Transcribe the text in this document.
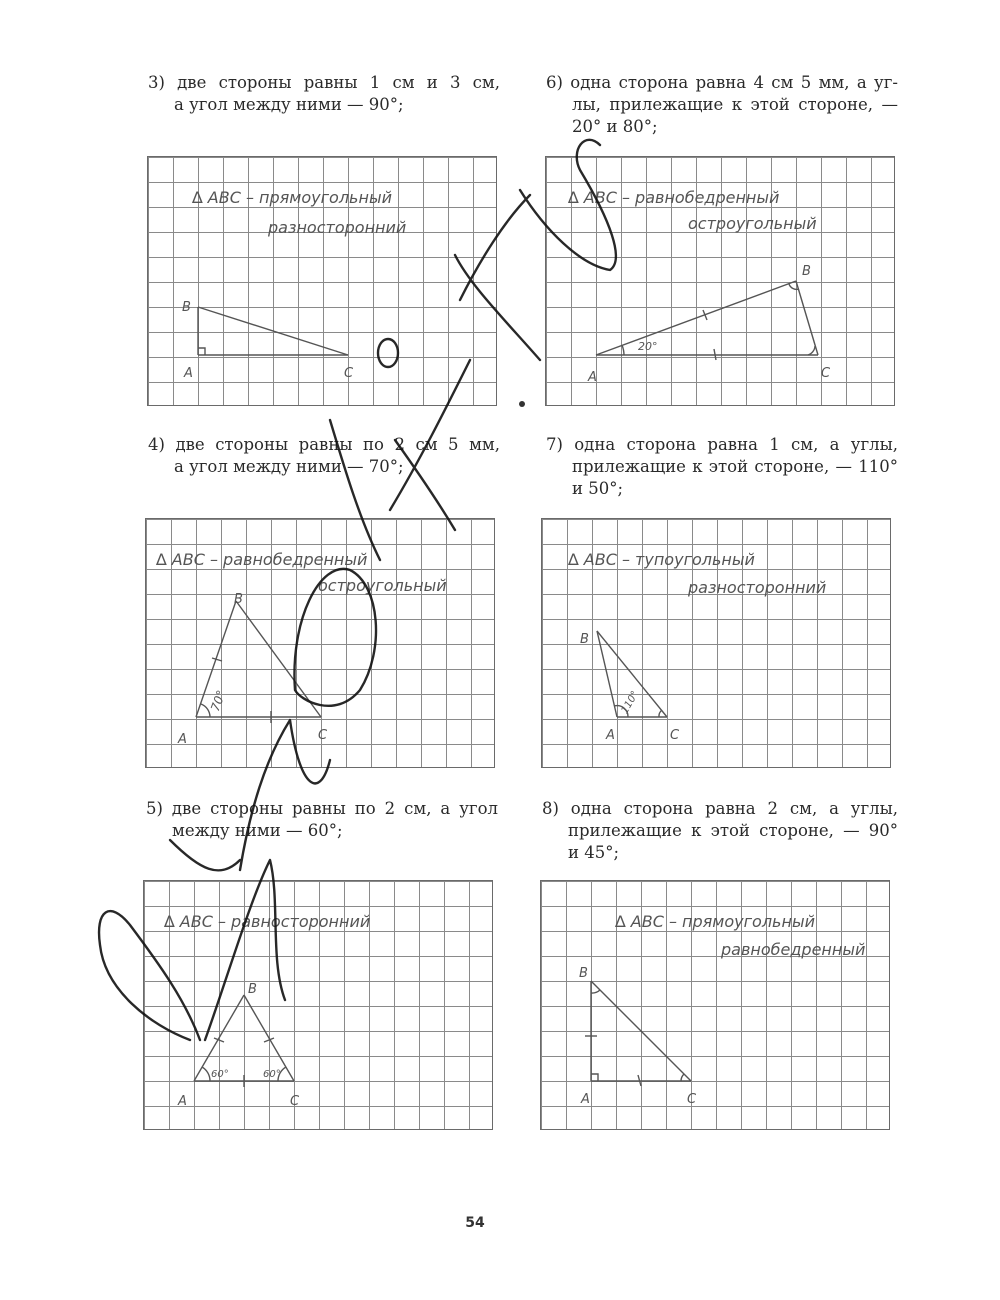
3) две стороны равны 1 см и 3 см,
а угол между ними — 90°;
6) одна сторона равна 4 см 5 мм, а уг-
лы, прилежащие к этой стороне, —
20° и 80°;
4) две стороны равны по 2 см 5 мм,
а угол между ними — 70°;
7) одна сторона равна 1 см, а углы,
прилежащие к этой стороне, — 110°
и 50°;
5) две стороны равны по 2 см, а угол
между ними — 60°;
8) одна сторона равна 2 см, а углы,
прилежащие к этой стороне, — 90°
и 45°;
∆ ABC – прямоугольный
разносторонний
B
A	C
∆ ABC – равнобедренный
остроугольный
20°
B
A	C
∆ ABC – равнобедренный
остроугольный
70°
B
A	C
∆ ABC – тупоугольный
разносторонний
110°
B
A	C
∆ ABC – равносторонний
60°	60°
B
A	C
∆ ABC – прямоугольный
равнобедренный
B
A	C
54
